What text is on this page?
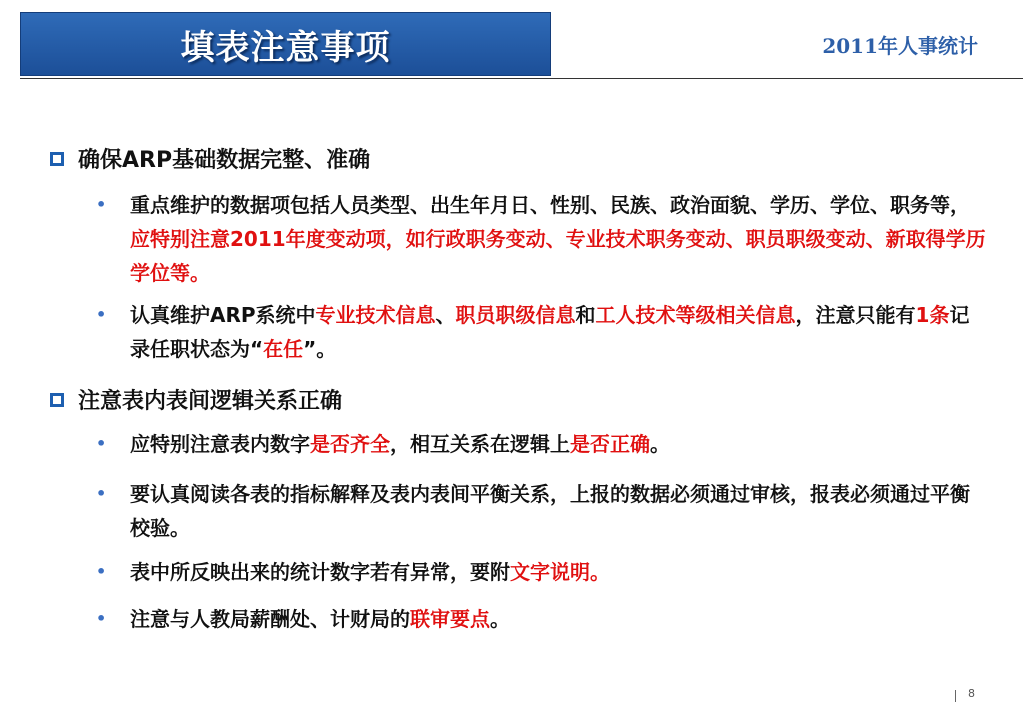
填表注意事项	2011年人事统计
确保ARP基础数据完整、准确
•	重点维护的数据项包括人员类型、出生年月日、性别、民族、政治面貌、学历、学位、职务等，应特别注意2011年度变动项，如行政职务变动、专业技术职务变动、职员职级变动、新取得学历学位等。
•	认真维护ARP系统中专业技术信息、职员职级信息和工人技术等级相关信息，注意只能有1条记录任职状态为“在任”。
注意表内表间逻辑关系正确
•	应特别注意表内数字是否齐全，相互关系在逻辑上是否正确。
•	要认真阅读各表的指标解释及表内表间平衡关系，上报的数据必须通过审核，报表必须通过平衡校验。
•	表中所反映出来的统计数字若有异常，要附文字说明。
•	注意与人教局薪酬处、计财局的联审要点。
8
